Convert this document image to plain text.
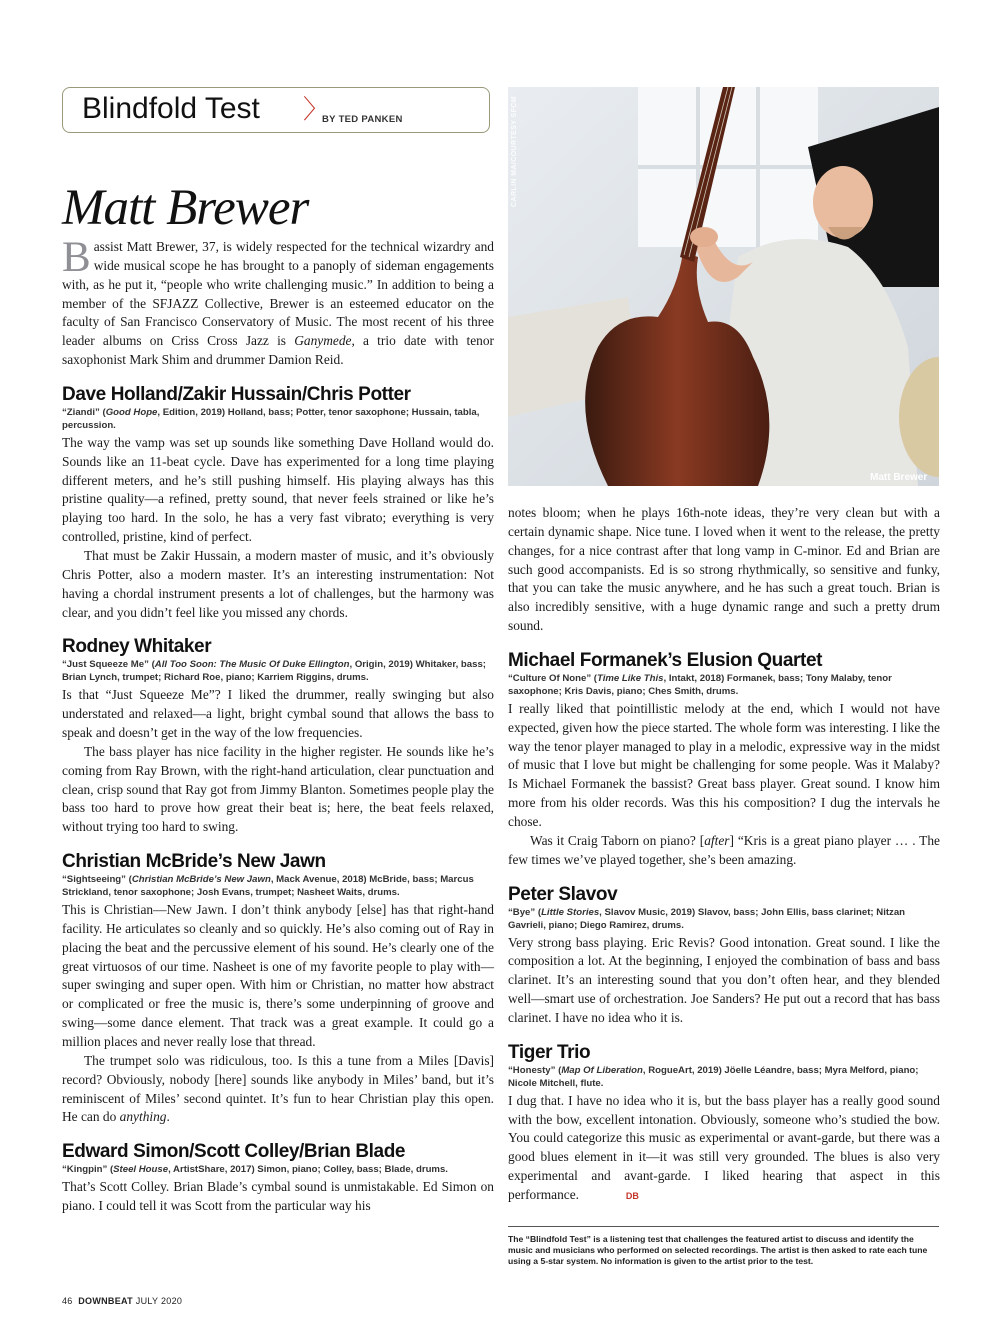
Blindfold Test 〉
BY TED PANKEN
Matt Brewer

Bassist Matt Brewer, 37, is widely respected for the technical wizardry and wide musical scope he has brought to a panoply of sideman engagements with, as he put it, “people who write challenging music.” In addition to being a member of the SFJAZZ Collective, Brewer is an esteemed educator on the faculty of San Francisco Conservatory of Music. The most recent of his three leader albums on Criss Cross Jazz is Ganymede, a trio date with tenor saxophonist Mark Shim and drummer Damion Reid.

Dave Holland/Zakir Hussain/Chris Potter

“Ziandi” (Good Hope, Edition, 2019) Holland, bass; Potter, tenor saxophone; Hussain, tabla, percussion.

The way the vamp was set up sounds like something Dave Holland would do. Sounds like an 11-beat cycle. Dave has experimented for a long time playing different meters, and he’s still pushing himself. His playing always has this pristine quality—a refined, pretty sound, that never feels strained or like he’s playing too hard. In the solo, he has a very fast vibrato; everything is very controlled, pristine, kind of perfect.

That must be Zakir Hussain, a modern master of music, and it’s obviously Chris Potter, also a modern master. It’s an interesting instrumentation: Not having a chordal instrument presents a lot of challenges, but the harmony was clear, and you didn’t feel like you missed any chords.

Rodney Whitaker

“Just Squeeze Me” (All Too Soon: The Music Of Duke Ellington, Origin, 2019) Whitaker, bass; Brian Lynch, trumpet; Richard Roe, piano; Karriem Riggins, drums.

Is that “Just Squeeze Me”? I liked the drummer, really swinging but also understated and relaxed—a light, bright cymbal sound that allows the bass to speak and doesn’t get in the way of the low frequencies.

The bass player has nice facility in the higher register. He sounds like he’s coming from Ray Brown, with the right-hand articulation, clear punctuation and clean, crisp sound that Ray got from Jimmy Blanton. Sometimes people play the bass too hard to prove how great their beat is; here, the beat feels relaxed, without trying too hard to swing.

Christian McBride’s New Jawn

“Sightseeing” (Christian McBride’s New Jawn, Mack Avenue, 2018) McBride, bass; Marcus Strickland, tenor saxophone; Josh Evans, trumpet; Nasheet Waits, drums.

This is Christian—New Jawn. I don’t think anybody [else] has that right-hand facility. He articulates so cleanly and so quickly. He’s also coming out of Ray in placing the beat and the percussive element of his sound. He’s clearly one of the great virtuosos of our time. Nasheet is one of my favorite people to play with—super swinging and super open. With him or Christian, no matter how abstract or complicated or free the music is, there’s some underpinning of groove and swing—some dance element. That track was a great example. It could go a million places and never really lose that thread.

The trumpet solo was ridiculous, too. Is this a tune from a Miles [Davis] record? Obviously, nobody [here] sounds like anybody in Miles’ band, but it’s reminiscent of Miles’ second quintet. It’s fun to hear Christian play this open. He can do anything.

Edward Simon/Scott Colley/Brian Blade

“Kingpin” (Steel House, ArtistShare, 2017) Simon, piano; Colley, bass; Blade, drums.

That’s Scott Colley. Brian Blade’s cymbal sound is unmistakable. Ed Simon on piano. I could tell it was Scott from the particular way his

CARLIN MA/COURTESY SFCM
Matt Brewer

notes bloom; when he plays 16th-note ideas, they’re very clean but with a certain dynamic shape. Nice tune. I loved when it went to the release, the pretty changes, for a nice contrast after that long vamp in C-minor. Ed and Brian are such good accompanists. Ed is so strong rhythmically, so sensitive and funky, that you can take the music anywhere, and he has such a great touch. Brian is also incredibly sensitive, with a huge dynamic range and such a pretty drum sound.

Michael Formanek’s Elusion Quartet

“Culture Of None” (Time Like This, Intakt, 2018) Formanek, bass; Tony Malaby, tenor saxophone; Kris Davis, piano; Ches Smith, drums.

I really liked that pointillistic melody at the end, which I would not have expected, given how the piece started. The whole form was interesting. I like the way the tenor player managed to play in a melodic, expressive way in the midst of music that I love but might be challenging for some people. Was it Malaby? Is Michael Formanek the bassist? Great bass player. Great sound. I know him more from his older records. Was this his composition? I dug the intervals he chose.

Was it Craig Taborn on piano? [after] “Kris is a great piano player … . The few times we’ve played together, she’s been amazing.

Peter Slavov

“Bye” (Little Stories, Slavov Music, 2019) Slavov, bass; John Ellis, bass clarinet; Nitzan Gavrieli, piano; Diego Ramirez, drums.

Very strong bass playing. Eric Revis? Good intonation. Great sound. I like the composition a lot. At the beginning, I enjoyed the combination of bass and bass clarinet. It’s an interesting sound that you don’t often hear, and they blended well—smart use of orchestration. Joe Sanders? He put out a record that has bass clarinet. I have no idea who it is.

Tiger Trio

“Honesty” (Map Of Liberation, RogueArt, 2019) Jöelle Léandre, bass; Myra Melford, piano; Nicole Mitchell, flute.

I dug that. I have no idea who it is, but the bass player has a really good sound with the bow, excellent intonation. Obviously, someone who’s studied the bow. You could categorize this music as experimental or avant-garde, but there was a good blues element in it—it was still very grounded. The blues is also very experimental and avant-garde. I liked hearing that aspect in this performance.	DB

The “Blindfold Test” is a listening test that challenges the featured artist to discuss and identify the music and musicians who performed on selected recordings. The artist is then asked to rate each tune using a 5-star system. No information is given to the artist prior to the test.

46 DOWNBEAT JULY 2020
